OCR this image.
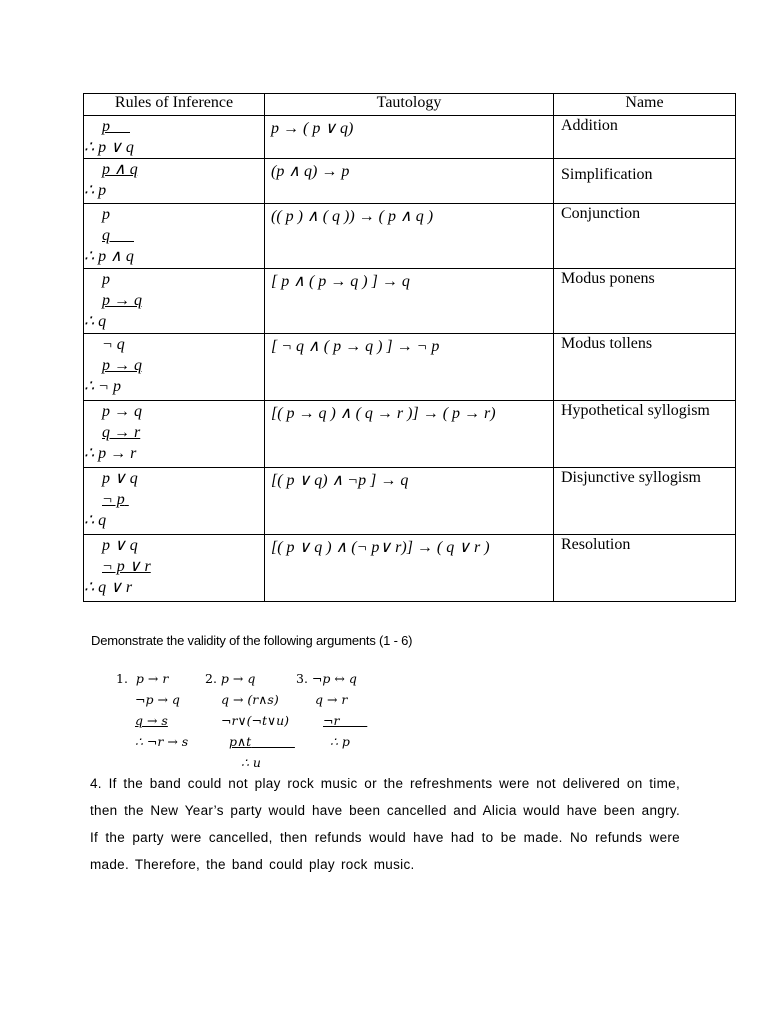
Rules of Inference	Tautology	Name

p
∴ p ∨ q	p → ( p ∨ q)	Addition

p ∧ q
∴ p	(p ∧ q) → p	Simplification

p
q
∴ p ∧ q	(( p ) ∧ ( q )) → ( p ∧ q )	Conjunction

p
p → q
∴ q	[ p ∧ ( p → q ) ] → q	Modus ponens

¬ q
p → q
∴ ¬ p	[ ¬ q ∧ ( p → q ) ] → ¬ p	Modus tollens

p → q
q → r
∴ p → r	[( p → q ) ∧ ( q → r )] → ( p → r)	Hypothetical syllogism

p ∨ q
¬ p
∴ q	[( p ∨ q) ∧ ¬p ] → q	Disjunctive syllogism

p ∨ q
¬ p ∨ r
∴ q ∨ r	[( p ∨ q ) ∧ (¬ p∨ r)] → ( q ∨ r )	Resolution
Demonstrate the validity of the following arguments (1 - 6)
1. p → r
¬p → q
q → s
∴ ¬r → s
2. p → q
q → (r∧s)
¬r∨(¬t∨u)
p∧t
∴ u
3. ¬p ↔ q
q → r
¬r
∴ p
4. If the band could not play rock music or the refreshments were not delivered on time, then the New Year’s party would have been cancelled and Alicia would have been angry. If the party were cancelled, then refunds would have had to be made. No refunds were made. Therefore, the band could play rock music.
